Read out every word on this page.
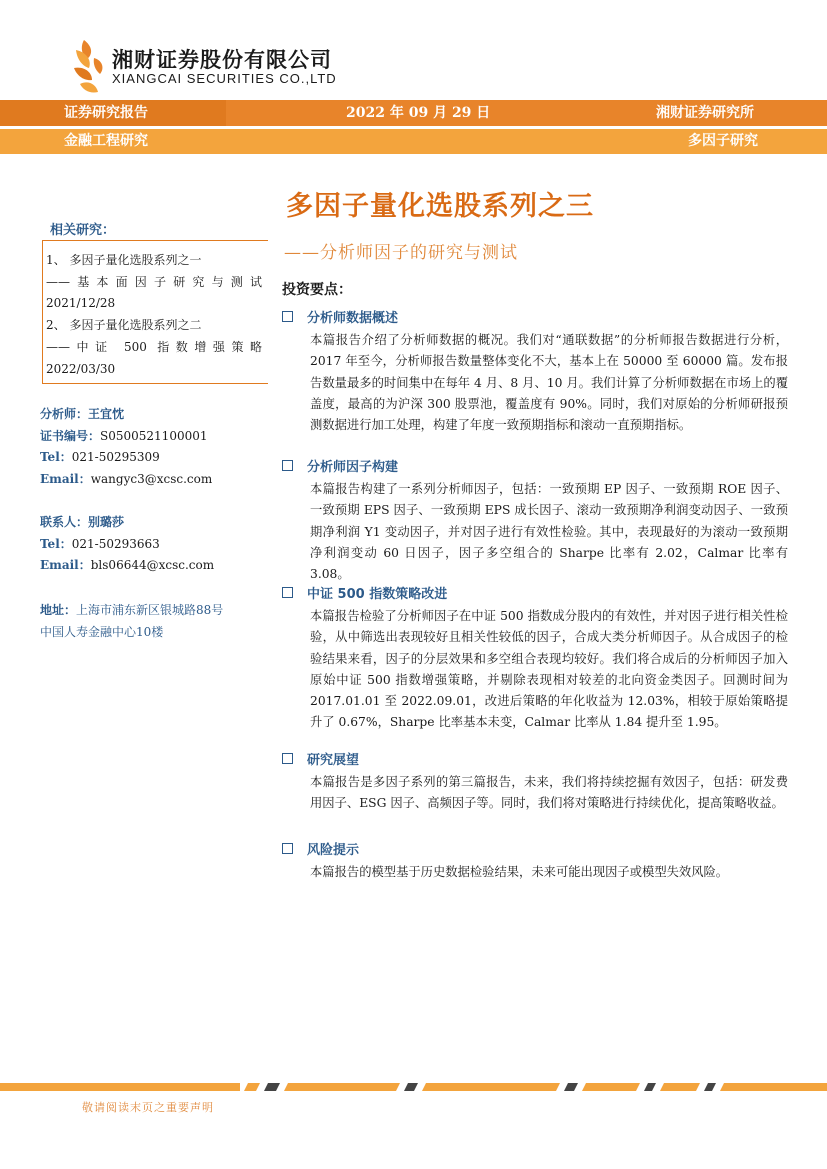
湘财证券股份有限公司
XIANGCAI SECURITIES CO.,LTD
证券研究报告	2022 年 09 月 29 日	湘财证券研究所
金融工程研究	多因子研究
多因子量化选股系列之三
——分析师因子的研究与测试
相关研究：
1、 多因子量化选股系列之一
——基本面因子研究与测试
2021/12/28
2、 多因子量化选股系列之二
——中证 500 指数增强策略
2022/03/30
分析师：王宜忱
证书编号：S0500521100001
Tel：021-50295309
Email：wangyc3@xcsc.com
联系人：别璐莎
Tel：021-50293663
Email：bls06644@xcsc.com
地址：上海市浦东新区银城路88号
中国人寿金融中心10楼
投资要点：
分析师数据概述
本篇报告介绍了分析师数据的概况。我们对“通联数据”的分析师报告数据进行分析，2017 年至今，分析师报告数量整体变化不大，基本上在 50000 至 60000 篇。发布报告数量最多的时间集中在每年 4 月、8 月、10 月。我们计算了分析师数据在市场上的覆盖度，最高的为沪深 300 股票池，覆盖度有 90%。同时，我们对原始的分析师研报预测数据进行加工处理，构建了年度一致预期指标和滚动一直预期指标。
分析师因子构建
本篇报告构建了一系列分析师因子，包括：一致预期 EP 因子、一致预期 ROE 因子、一致预期 EPS 因子、一致预期 EPS 成长因子、滚动一致预期净利润变动因子、一致预期净利润 Y1 变动因子，并对因子进行有效性检验。其中，表现最好的为滚动一致预期净利润变动 60 日因子，因子多空组合的 Sharpe 比率有 2.02，Calmar 比率有 3.08。
中证 500 指数策略改进
本篇报告检验了分析师因子在中证 500 指数成分股内的有效性，并对因子进行相关性检验，从中筛选出表现较好且相关性较低的因子，合成大类分析师因子。从合成因子的检验结果来看，因子的分层效果和多空组合表现均较好。我们将合成后的分析师因子加入原始中证 500 指数增强策略，并剔除表现相对较差的北向资金类因子。回测时间为 2017.01.01 至 2022.09.01，改进后策略的年化收益为 12.03%，相较于原始策略提升了 0.67%，Sharpe 比率基本未变，Calmar 比率从 1.84 提升至 1.95。
研究展望
本篇报告是多因子系列的第三篇报告，未来，我们将持续挖掘有效因子，包括：研发费用因子、ESG 因子、高频因子等。同时，我们将对策略进行持续优化，提高策略收益。
风险提示
本篇报告的模型基于历史数据检验结果，未来可能出现因子或模型失效风险。
敬请阅读末页之重要声明
